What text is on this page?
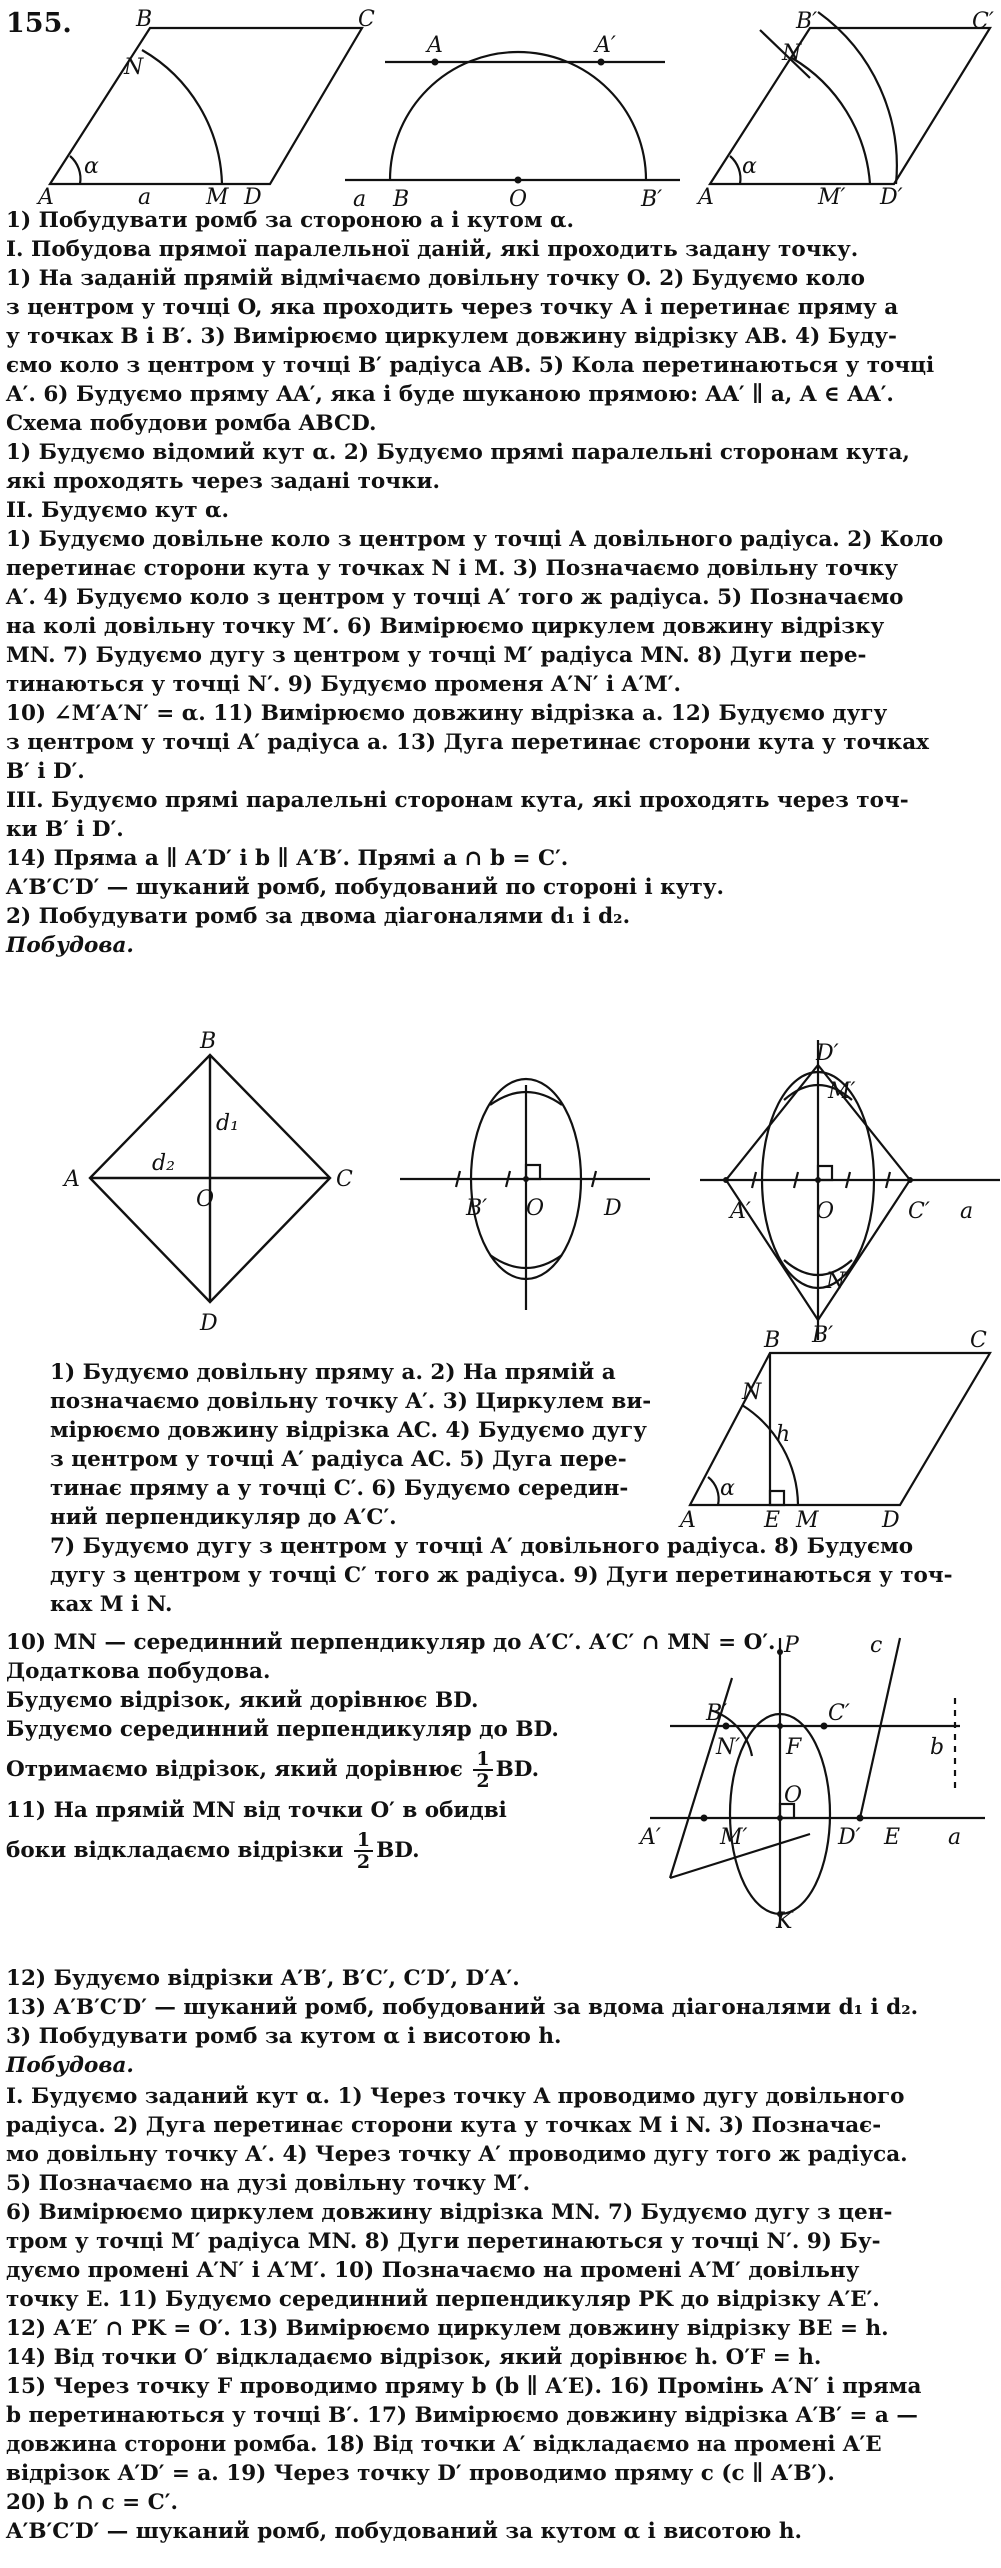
155.	B	C
N
A
α
a M D
A	A′
a B	O	B′
B′	C′
N
α
A	M′ D′

1) Побудувати ромб за стороною a і кутом α.

I. Побудова прямої паралельної даній, які проходить задану точку.

1) На заданій прямій відмічаємо довільну точку O. 2) Будуємо коло

з центром у точці O, яка проходить через точку A і перетинає пряму a

у точках B і B′. 3) Вимірюємо циркулем довжину відрізку AB. 4) Буду-

ємо коло з центром у точці B′ радіуса AB. 5) Кола перетинаються у точці

A′. 6) Будуємо пряму AA′, яка і буде шуканою прямою: AA′ ∥ a, A ∈ AA′.

Схема побудови ромба ABCD.

1) Будуємо відомий кут α. 2) Будуємо прямі паралельні сторонам кута,

які проходять через задані точки.

II. Будуємо кут α.

1) Будуємо довільне коло з центром у точці A довільного радіуса. 2) Коло

перетинає сторони кута у точках N і M. 3) Позначаємо довільну точку

A′. 4) Будуємо коло з центром у точці A′ того ж радіуса. 5) Позначаємо

на колі довільну точку M′. 6) Вимірюємо циркулем довжину відрізку

MN. 7) Будуємо дугу з центром у точці M′ радіуса MN. 8) Дуги пере-

тинаються у точці N′. 9) Будуємо променя A′N′ і A′M′.

10) ∠M′A′N′ = α. 11) Вимірюємо довжину відрізка a. 12) Будуємо дугу

з центром у точці A′ радіуса a. 13) Дуга перетинає сторони кута у точках

B′ і D′.

III. Будуємо прямі паралельні сторонам кута, які проходять через точ-

ки B′ і D′.

14) Пряма a ∥ A′D′ і b ∥ A′B′. Прямі a ∩ b = C′.

A′B′C′D′ — шуканий ромб, побудований по стороні і куту.

2) Побудувати ромб за двома діагоналями d₁ і d₂.

Побудова.

B
d₁
d₂
A
O
C
D
B′ O	D
D′
M′
A′	O	C′ a
N′
B′

1) Будуємо довільну пряму a. 2) На прямій a

позначаємо довільну точку A′. 3) Циркулем ви-

мірюємо довжину відрізка AC. 4) Будуємо дугу

з центром у точці A′ радіуса AC. 5) Дуга пере-

тинає пряму a у точці C′. 6) Будуємо середин-

ний перпендикуляр до A′C′.

B	C
N
h
α
A	E M	D

7) Будуємо дугу з центром у точці A′ довільного радіуса. 8) Будуємо

дугу з центром у точці C′ того ж радіуса. 9) Дуги перетинаються у точ-

ках M і N.

10) MN — серединний перпендикуляр до A′C′. A′C′ ∩ MN = O′.

Додаткова побудова.

Будуємо відрізок, який дорівнює BD.

Будуємо серединний перпендикуляр до BD.

Отримаємо відрізок, який дорівнює $\frac{1}{2}$ BD.

11) На прямій MN від точки O′ в обидві

боки відкладаємо відрізки $\frac{1}{2}$ BD.

P	c
B′	C′
N′ F	b
O
A′	M′	D′ E a
K

12) Будуємо відрізки A′B′, B′C′, C′D′, D′A′.

13) A′B′C′D′ — шуканий ромб, побудований за вдома діагоналями d₁ і d₂.

3) Побудувати ромб за кутом α і висотою h.

Побудова.

I. Будуємо заданий кут α. 1) Через точку A проводимо дугу довільного

радіуса. 2) Дуга перетинає сторони кута у точках M і N. 3) Позначає-

мо довільну точку A′. 4) Через точку A′ проводимо дугу того ж радіуса.

5) Позначаємо на дузі довільну точку M′.

6) Вимірюємо циркулем довжину відрізка MN. 7) Будуємо дугу з цен-

тром у точці M′ радіуса MN. 8) Дуги перетинаються у точці N′. 9) Бу-

дуємо промені A′N′ і A′M′. 10) Позначаємо на промені A′M′ довільну

точку E. 11) Будуємо серединний перпендикуляр PK до відрізку A′E′.

12) A′E′ ∩ PK = O′. 13) Вимірюємо циркулем довжину відрізку BE = h.

14) Від точки O′ відкладаємо відрізок, який дорівнює h. O′F = h.

15) Через точку F проводимо пряму b (b ∥ A′E). 16) Промінь A′N′ і пряма

b перетинаються у точці B′. 17) Вимірюємо довжину відрізка A′B′ = a —

довжина сторони ромба. 18) Від точки A′ відкладаємо на промені A′E

відрізок A′D′ = a. 19) Через точку D′ проводимо пряму c (c ∥ A′B′).

20) b ∩ c = C′.

A′B′C′D′ — шуканий ромб, побудований за кутом α і висотою h.
